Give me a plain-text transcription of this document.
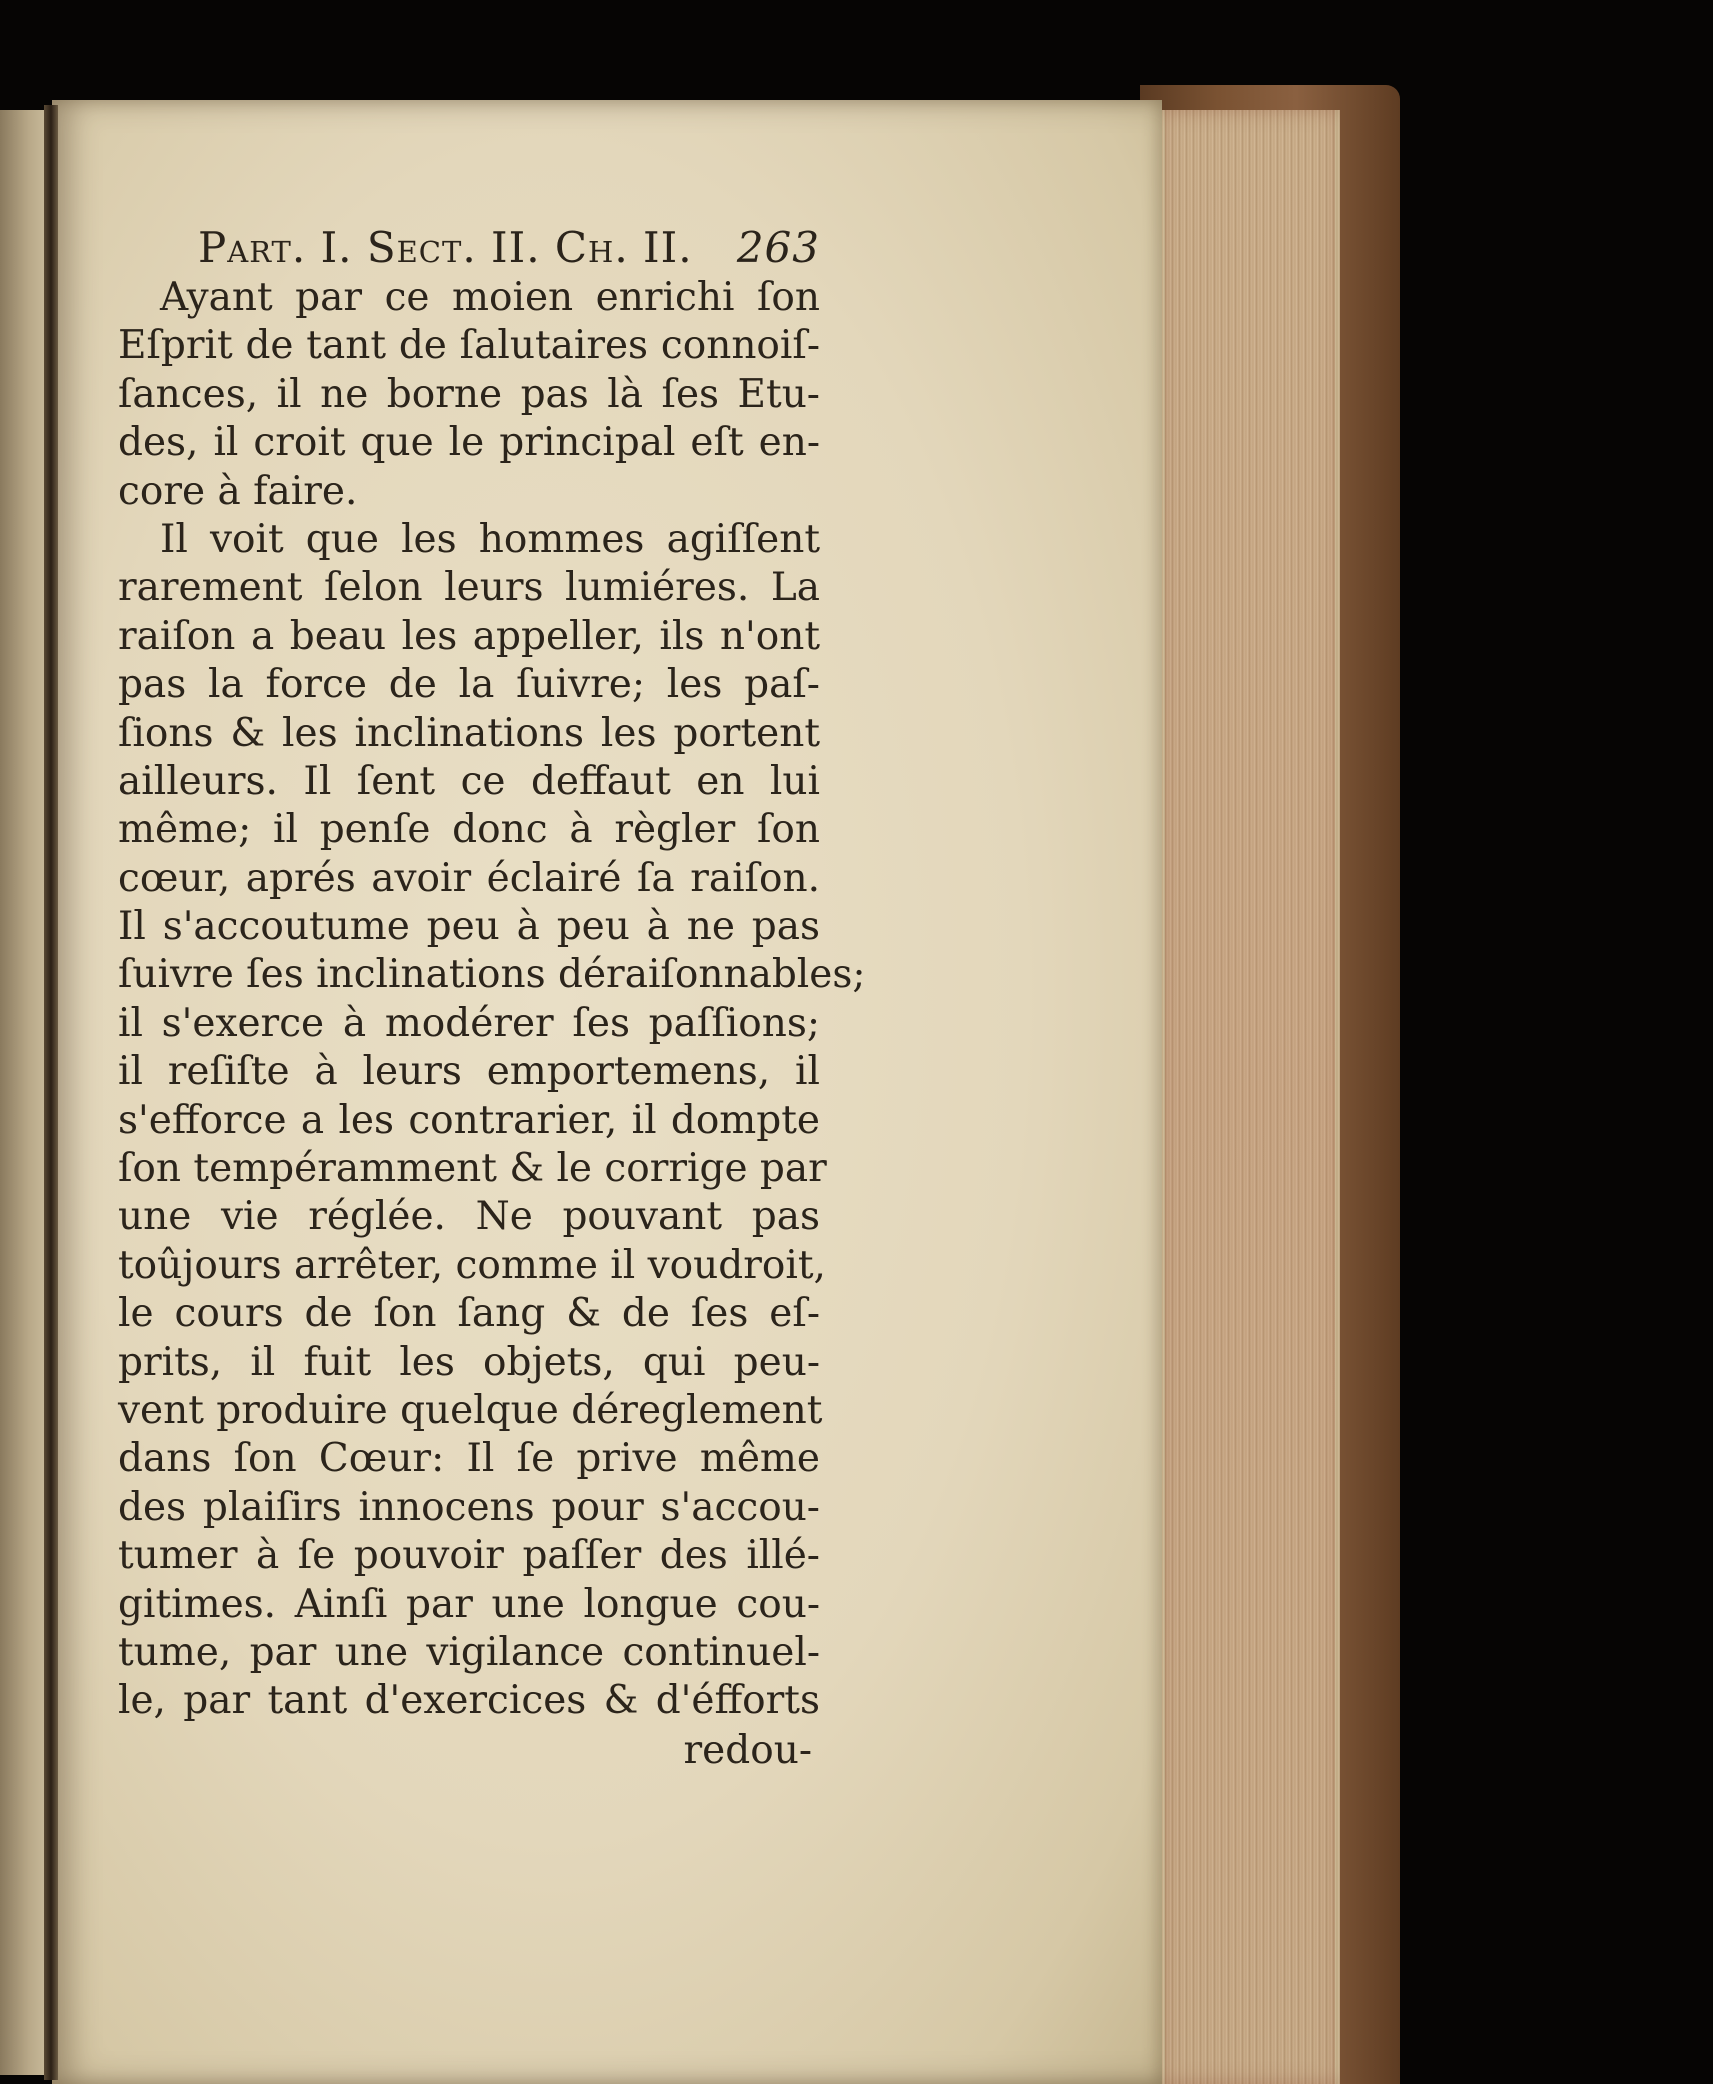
Part. I. Sect. II. Ch. II. 263
Ayant par ce moien enrichi ſon
Eſprit de tant de ſalutaires connoiſ-
ſances, il ne borne pas là ſes Etu-
des, il croit que le principal eſt en-
core à faire.
Il voit que les hommes agiſſent
rarement ſelon leurs lumiéres. La
raiſon a beau les appeller, ils n'ont
pas la force de la ſuivre; les paſ-
ſions & les inclinations les portent
ailleurs. Il ſent ce deffaut en lui
même; il penſe donc à règler ſon
cœur, aprés avoir éclairé ſa raiſon.
Il s'accoutume peu à peu à ne pas
ſuivre ſes inclinations déraiſonnables;
il s'exerce à modérer ſes paſſions;
il reſiſte à leurs emportemens, il
s'efforce a les contrarier, il dompte
ſon tempéramment & le corrige par
une vie réglée. Ne pouvant pas
toûjours arrêter, comme il voudroit,
le cours de ſon ſang & de ſes eſ-
prits, il fuit les objets, qui peu-
vent produire quelque déreglement
dans ſon Cœur: Il ſe prive même
des plaiſirs innocens pour s'accou-
tumer à ſe pouvoir paſſer des illé-
gitimes. Ainſi par une longue cou-
tume, par une vigilance continuel-
le, par tant d'exercices & d'éfforts
redou-
